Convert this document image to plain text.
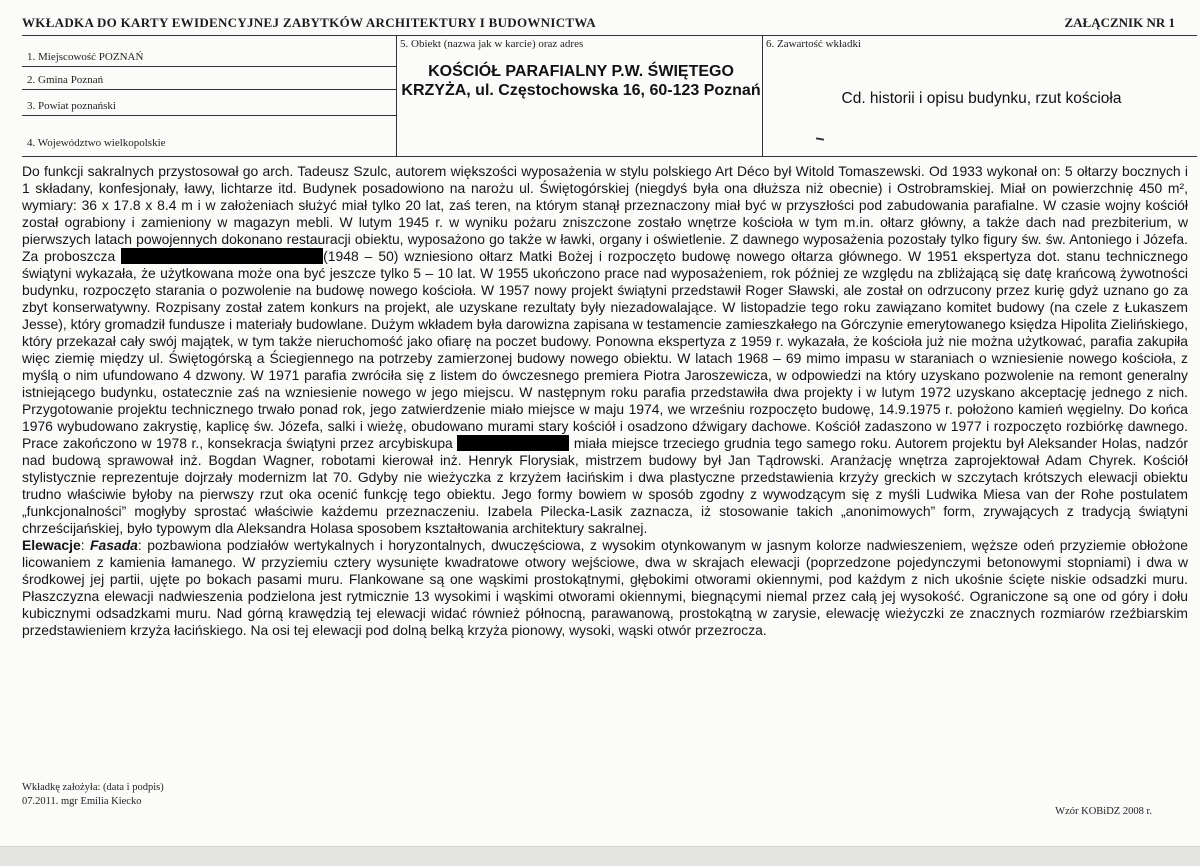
WKŁADKA DO KARTY EWIDENCYJNEJ ZABYTKÓW ARCHITEKTURY I BUDOWNICTWA	ZAŁĄCZNIK NR 1
1. Miejscowość POZNAŃ
2. Gmina Poznań
3. Powiat poznański
4. Województwo wielkopolskie
5. Obiekt (nazwa jak w karcie) oraz adres
KOŚCIÓŁ PARAFIALNY P.W. ŚWIĘTEGO KRZYŻA, ul. Częstochowska 16, 60-123 Poznań
6. Zawartość wkładki
Cd. historii i opisu budynku, rzut kościoła

Do funkcji sakralnych przystosował go arch. Tadeusz Szulc, autorem większości wyposażenia w stylu polskiego Art Déco był Witold Tomaszewski. Od 1933 wykonał on: 5 ołtarzy bocznych i 1 składany, konfesjonały, ławy, lichtarze itd. Budynek posadowiono na narożu ul. Świętogórskiej (niegdyś była ona dłuższa niż obecnie) i Ostrobramskiej. Miał on powierzchnię 450 m², wymiary: 36 x 17.8 x 8.4 m i w założeniach służyć miał tylko 20 lat, zaś teren, na którym stanął przeznaczony miał być w przyszłości pod zabudowania parafialne. W czasie wojny kościół został ograbiony i zamieniony w magazyn mebli. W lutym 1945 r. w wyniku pożaru zniszczone zostało wnętrze kościoła w tym m.in. ołtarz główny, a także dach nad prezbiterium, w pierwszych latach powojennych dokonano restauracji obiektu, wyposażono go także w ławki, organy i oświetlenie. Z dawnego wyposażenia pozostały tylko figury św. św. Antoniego i Józefa. Za proboszcza	(1948 – 50) wzniesiono ołtarz Matki Bożej i rozpoczęto budowę nowego ołtarza głównego. W 1951 ekspertyza dot. stanu technicznego świątyni wykazała, że użytkowana może ona być jeszcze tylko 5 – 10 lat. W 1955 ukończono prace nad wyposażeniem, rok później ze względu na zbliżającą się datę krańcową żywotności budynku, rozpoczęto starania o pozwolenie na budowę nowego kościoła. W 1957 nowy projekt świątyni przedstawił Roger Sławski, ale został on odrzucony przez kurię gdyż uznano go za zbyt konserwatywny. Rozpisany został zatem konkurs na projekt, ale uzyskane rezultaty były niezadowalające. W listopadzie tego roku zawiązano komitet budowy (na czele z Łukaszem Jesse), który gromadził fundusze i materiały budowlane. Dużym wkładem była darowizna zapisana w testamencie zamieszkałego na Górczynie emerytowanego księdza Hipolita Zielińskiego, który przekazał cały swój majątek, w tym także nieruchomość jako ofiarę na poczet budowy. Ponowna ekspertyza z 1959 r. wykazała, że kościoła już nie można użytkować, parafia zakupiła więc ziemię między ul. Świętogórską a Ściegiennego na potrzeby zamierzonej budowy nowego obiektu. W latach 1968 – 69 mimo impasu w staraniach o wzniesienie nowego kościoła, z myślą o nim ufundowano 4 dzwony. W 1971 parafia zwróciła się z listem do ówczesnego premiera Piotra Jaroszewicza, w odpowiedzi na który uzyskano pozwolenie na remont generalny istniejącego budynku, ostatecznie zaś na wzniesienie nowego w jego miejscu. W następnym roku parafia przedstawiła dwa projekty i w lutym 1972 uzyskano akceptację jednego z nich. Przygotowanie projektu technicznego trwało ponad rok, jego zatwierdzenie miało miejsce w maju 1974, we wrześniu rozpoczęto budowę, 14.9.1975 r. położono kamień węgielny. Do końca 1976 wybudowano zakrystię, kaplicę św. Józefa, salki i wieżę, obudowano murami stary kościół i osadzono dźwigary dachowe. Kościół zadaszono w 1977 i rozpoczęto rozbiórkę dawnego. Prace zakończono w 1978 r., konsekracja świątyni przez arcybiskupa	miała miejsce trzeciego grudnia tego samego roku. Autorem projektu był Aleksander Holas, nadzór nad budową sprawował inż. Bogdan Wagner, robotami kierował inż. Henryk Florysiak, mistrzem budowy był Jan Tądrowski. Aranżację wnętrza zaprojektował Adam Chyrek. Kościół stylistycznie reprezentuje dojrzały modernizm lat 70. Gdyby nie wieżyczka z krzyżem łacińskim i dwa plastyczne przedstawienia krzyży greckich w szczytach krótszych elewacji obiektu trudno właściwie byłoby na pierwszy rzut oka ocenić funkcję tego obiektu. Jego formy bowiem w sposób zgodny z wywodzącym się z myśli Ludwika Miesa van der Rohe postulatem „funkcjonalności” mogłyby sprostać właściwie każdemu przeznaczeniu. Izabela Pilecka-Lasik zaznacza, iż stosowanie takich „anonimowych” form, zrywających z tradycją świątyni chrześcijańskiej, było typowym dla Aleksandra Holasa sposobem kształtowania architektury sakralnej.

Elewacje: Fasada: pozbawiona podziałów wertykalnych i horyzontalnych, dwuczęściowa, z wysokim otynkowanym w jasnym kolorze nadwieszeniem, węższe odeń przyziemie obłożone licowaniem z kamienia łamanego. W przyziemiu cztery wysunięte kwadratowe otwory wejściowe, dwa w skrajach elewacji (poprzedzone pojedynczymi betonowymi stopniami) i dwa w środkowej jej partii, ujęte po bokach pasami muru. Flankowane są one wąskimi prostokątnymi, głębokimi otworami okiennymi, pod każdym z nich ukośnie ścięte niskie odsadzki muru. Płaszczyzna elewacji nadwieszenia podzielona jest rytmicznie 13 wysokimi i wąskimi otworami okiennymi, biegnącymi niemal przez całą jej wysokość. Ograniczone są one od góry i dołu kubicznymi odsadzkami muru. Nad górną krawędzią tej elewacji widać również północną, parawanową, prostokątną w zarysie, elewację wieżyczki ze znacznych rozmiarów rzeźbiarskim przedstawieniem krzyża łacińskiego. Na osi tej elewacji pod dolną belką krzyża pionowy, wysoki, wąski otwór przezrocza.

Wkładkę założyła: (data i podpis)
07.2011. mgr Emilia Kiecko
Wzór KOBiDZ 2008 r.
